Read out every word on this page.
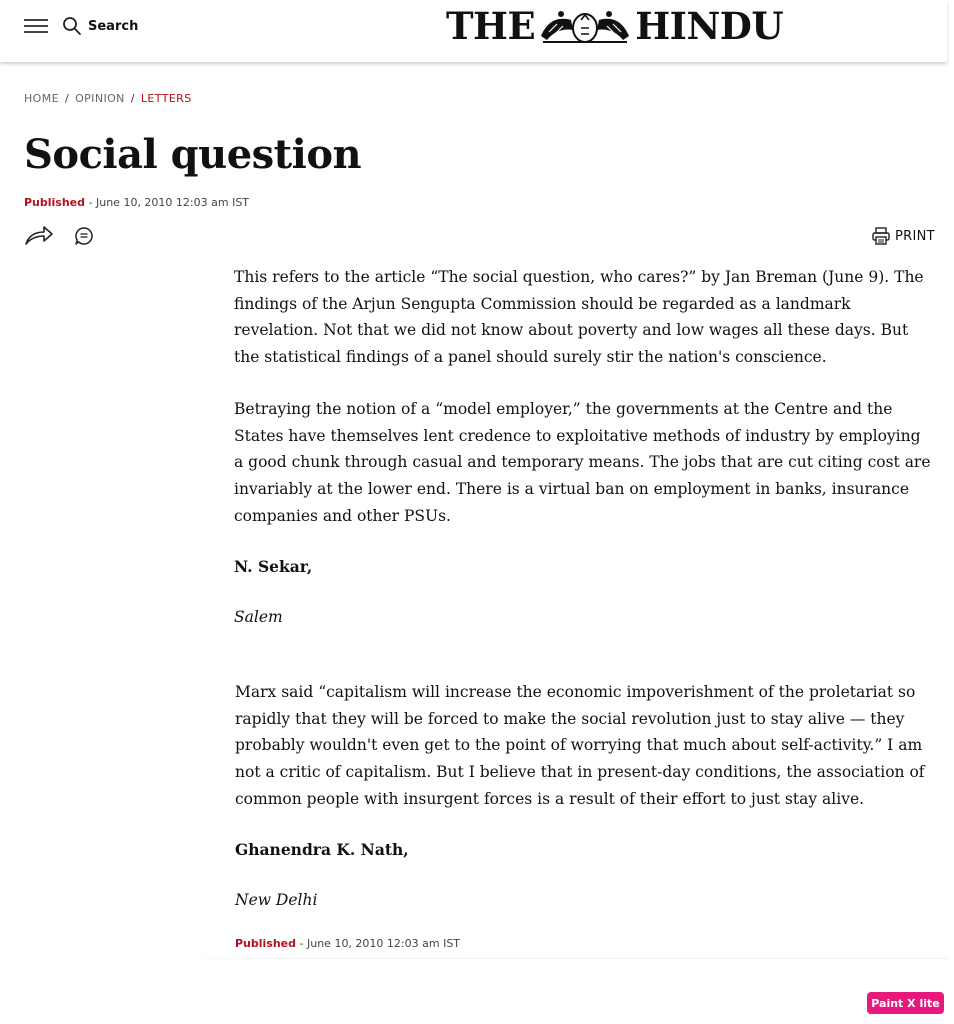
Search	THE	HINDU
HOME / OPINION / LETTERS
Social question
Published - June 10, 2010 12:03 am IST
PRINT

This refers to the article “The social question, who cares?” by Jan Breman (June 9). The findings of the Arjun Sengupta Commission should be regarded as a landmark revelation. Not that we did not know about poverty and low wages all these days. But the statistical findings of a panel should surely stir the nation's conscience.

Betraying the notion of a “model employer,” the governments at the Centre and the States have themselves lent credence to exploitative methods of industry by employing a good chunk through casual and temporary means. The jobs that are cut citing cost are invariably at the lower end. There is a virtual ban on employment in banks, insurance companies and other PSUs.

N. Sekar,

Salem

Marx said “capitalism will increase the economic impoverishment of the proletariat so rapidly that they will be forced to make the social revolution just to stay alive — they probably wouldn't even get to the point of worrying that much about self-activity.” I am not a critic of capitalism. But I believe that in present-day conditions, the association of common people with insurgent forces is a result of their effort to just stay alive.

Ghanendra K. Nath,

New Delhi

Published - June 10, 2010 12:03 am IST
Paint X lite
